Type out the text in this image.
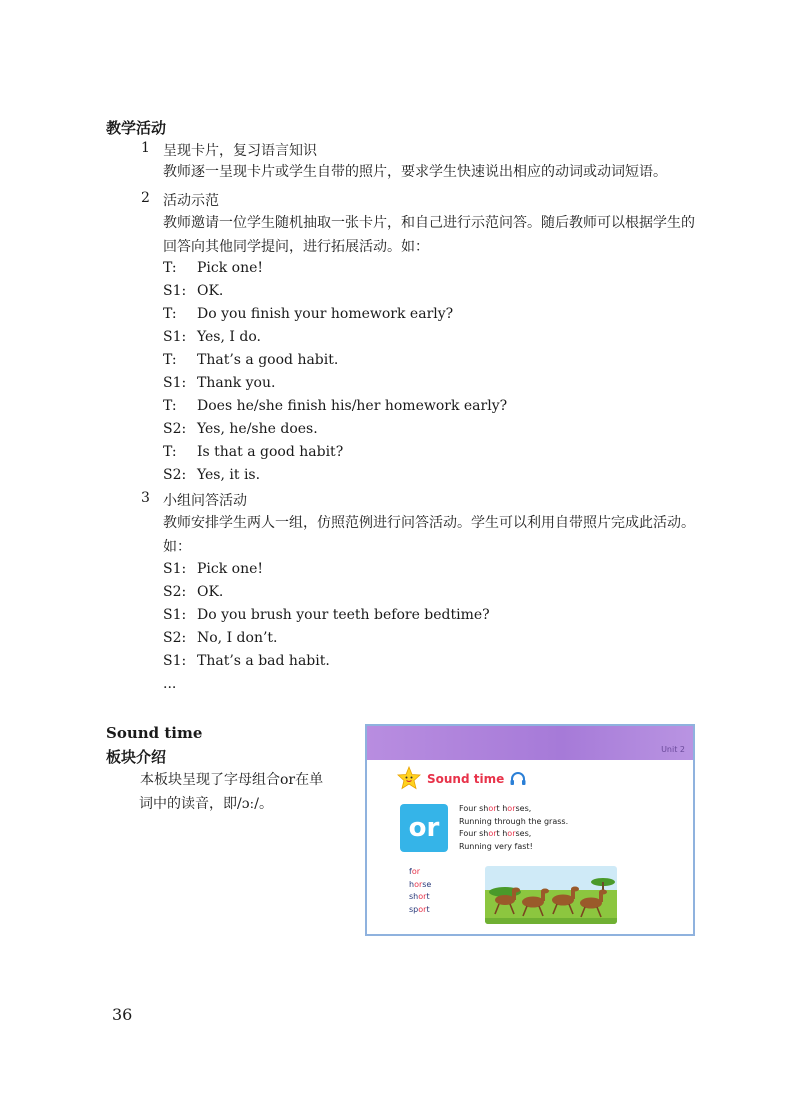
教学活动
1 呈现卡片，复习语言知识
教师逐一呈现卡片或学生自带的照片，要求学生快速说出相应的动词或动词短语。
2 活动示范
教师邀请一位学生随机抽取一张卡片，和自己进行示范问答。随后教师可以根据学生的回答向其他同学提问，进行拓展活动。如：
T: Pick one!
S1: OK.
T: Do you finish your homework early?
S1: Yes, I do.
T: That’s a good habit.
S1: Thank you.
T: Does he/she finish his/her homework early?
S2: Yes, he/she does.
T: Is that a good habit?
S2: Yes, it is.
3 小组问答活动
教师安排学生两人一组，仿照范例进行问答活动。学生可以利用自带照片完成此活动。如：
S1: Pick one!
S2: OK.
S1: Do you brush your teeth before bedtime?
S2: No, I don’t.
S1: That’s a bad habit.
...
Sound time
板块介绍
本板块呈现了字母组合or在单

词中的读音，即/ɔː/。
Unit 2
Sound time
or
Four short horses,
Running through the grass.
Four short horses,
Running very fast!
for
horse
short
sport
36
